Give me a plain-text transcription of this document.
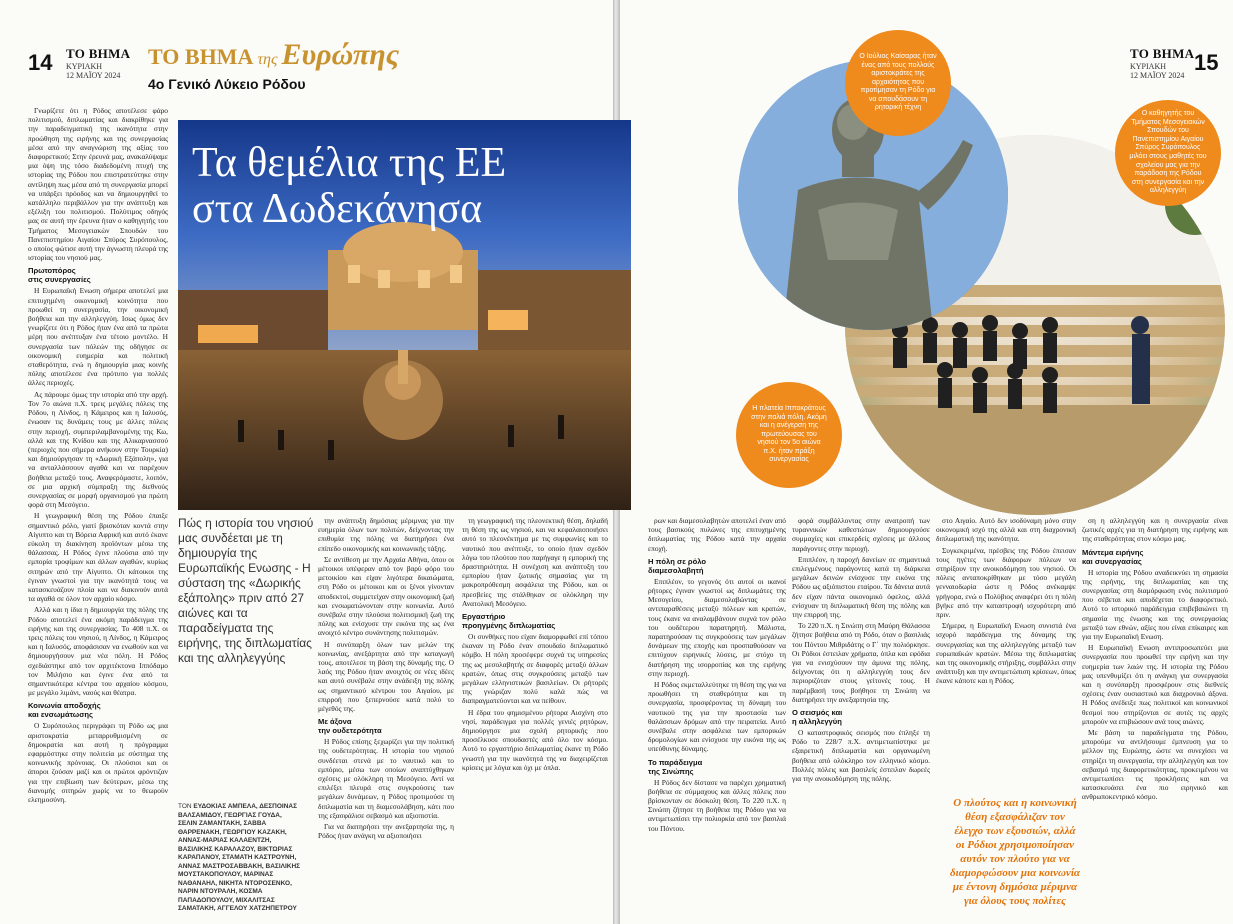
14 ΤΟ ΒΗΜΑ
ΚΥΡΙΑΚΗ
12 ΜΑΪΟΥ 2024
ΤΟ ΒΗΜΑ της Ευρώπης
4ο Γενικό Λύκειο Ρόδου

Γνωρίζετε ότι η Ρόδος αποτέλεσε φάρο πολιτισμού, διπλωματίας και διακρίθηκε για την παραδειγματική της ικανότητα στην προώθηση της ειρήνης και της συνεργασίας μέσα από την αναγνώριση της αξίας του διαφορετικού; Στην έρευνά μας, ανακαλύψαμε μια όψη της τόσο διαδεδομένη πτυχή της ιστορίας της Ρόδου που επιστρατεύτηκε στην αντίληψη πως μέσα από τη συνεργασία μπορεί να υπάρξει πρόοδος και να δημιουργηθεί το κατάλληλο περιβάλλον για την ανάπτυξη και εξέλιξη του πολιτισμού. Πολύτιμος οδηγός μας σε αυτή την έρευνα ήταν ο καθηγητής του Τμήματος Μεσογειακών Σπουδών του Πανεπιστημίου Αιγαίου Σπύρος Συρόπουλος, ο οποίος φώτισε αυτή την άγνωστη πλευρά της ιστορίας του νησιού μας.

Πρωτοπόρος
στις συνεργασίες

Η Ευρωπαϊκή Ενωση σήμερα αποτελεί μια επιτυχημένη οικονομική κοινότητα που προωθεί τη συνεργασία, την οικονομική βοήθεια και την αλληλεγγύη. Ισως όμως δεν γνωρίζετε ότι η Ρόδος ήταν ένα από τα πρώτα μέρη που ανέπτυξαν ένα τέτοιο μοντέλο. Η συνεργασία των πόλεών της οδήγησε σε οικονομική ευημερία και πολιτική σταθερότητα, ενώ η δημιουργία μιας κοινής πόλης αποτέλεσε ένα πρότυπο για πολλές άλλες περιοχές.

Ας πάρουμε όμως την ιστορία από την αρχή. Τον 7ο αιώνα π.Χ. τρεις μεγάλες πόλεις της Ρόδου, η Λίνδος, η Κάμειρος και η Ιαλυσός, ένωσαν τις δυνάμεις τους με άλλες πόλεις στην περιοχή, συμπεριλαμβανομένης της Κω, αλλά και της Κνίδου και της Αλικαρνασσού (περιοχές που σήμερα ανήκουν στην Τουρκία) και δημιούργησαν τη «Δωρική Εξάπολη», για να ανταλλάσσουν αγαθά και να παρέχουν βοήθεια μεταξύ τους. Αναφερόμαστε, λοιπόν, σε μια αρχική σύμπραξη της διεθνούς συνεργασίας σε μορφή οργανισμού για πρώτη φορά στη Μεσόγειο.

Η γεωγραφική θέση της Ρόδου έπαιξε σημαντικό ρόλο, γιατί βρισκόταν κοντά στην Αίγυπτο και τη Βόρεια Αφρική και αυτό έκανε εύκολη τη διακίνηση προϊόντων μέσω της θάλασσας. Η Ρόδος έγινε πλούσια από την εμπορία τροφίμων και άλλων αγαθών, κυρίως σιτηρών από την Αίγυπτο. Οι κάτοικοι της έγιναν γνωστοί για την ικανότητά τους να κατασκευάζουν πλοία και να διακινούν αυτά τα αγαθά σε όλον τον αρχαίο κόσμο.

Αλλά και η ίδια η δημιουργία της πόλης της Ρόδου αποτελεί ένα ακόμη παράδειγμα της ειρήνης και της συνεργασίας. Το 408 π.Χ. οι τρεις πόλεις του νησιού, η Λίνδος, η Κάμειρος και η Ιαλυσός, αποφάσισαν να ενωθούν και να δημιουργήσουν μια νέα πόλη. Η Ρόδος σχεδιάστηκε από τον αρχιτέκτονα Ιππόδαμο τον Μιλήσιο και έγινε ένα από τα σημαντικότερα κέντρα του αρχαίου κόσμου, με μεγάλο λιμάνι, ναούς και θέατρα.

Κοινωνία αποδοχής
και ενσωμάτωσης

Ο Συρόπουλος περιγράφει τη Ρόδο ως μια αριστοκρατία μεταρρυθμισμένη σε δημοκρατία και αυτή η πρόγραμμα εφαρμόστηκε στην πολιτεία με σύστημα της κοινωνικής πρόνοιας. Οι πλούσιοι και οι άποροι ζούσαν μαζί και οι πρώτοι φρόντιζαν για την επιβίωση των δεύτερων, μέσω της διανομής σιτηρών χωρίς να το θεωρούν ελεημοσύνη.

την ανάπτυξη δημόσιας μέριμνας για την ευημερία όλων των πολιτών, δείχνοντας την επιθυμία της πόλης να διατηρήσει ένα επίπεδο οικονομικής και κοινωνικής τάξης.

Σε αντίθεση με την Αρχαία Αθήνα, όπου οι μέτοικοι υπέφεραν από τον βαρύ φόρο του μετοικίου και είχαν λιγότερα δικαιώματα, στη Ρόδο οι μέτοικοι και οι ξένοι γίνονταν αποδεκτοί, συμμετείχαν στην οικονομική ζωή και ενσωματώνονταν στην κοινωνία. Αυτό συνέβαλε στην πλούσια πολιτισμική ζωή της πόλης και ενίσχυσε την εικόνα της ως ένα ανοιχτό κέντρο συνάντησης πολιτισμών.

Η συνύπαρξη όλων των μελών της κοινωνίας, ανεξάρτητα από την καταγωγή τους, αποτέλεσε τη βάση της δύναμής της. Ο λαός της Ρόδου ήταν ανοιχτός σε νέες ιδέες και αυτό συνέβαλε στην ανάδειξη της πόλης ως σημαντικού κέντρου του Αιγαίου, με επιρροή που ξεπερνούσε κατά πολύ το μέγεθός της.

Με άξονα
την ουδετερότητα

Η Ρόδος επίσης ξεχωρίζει για την πολιτική της ουδετερότητας. Η ιστορία του νησιού συνδέεται στενά με το ναυτικό και το εμπόριο, μέσω των οποίων αναπτύχθηκαν σχέσεις με ολόκληρη τη Μεσόγειο. Αντί να επιλέξει πλευρά στις συγκρούσεις των μεγάλων δυνάμεων, η Ρόδος προτιμούσε τη διπλωματία και τη διαμεσολάβηση, κάτι που της εξασφάλισε σεβασμό και αξιοπιστία.

Για να διατηρήσει την ανεξαρτησία της, η Ρόδος ήταν ανάγκη να αξιοποιήσει

τη γεωγραφική της πλεονεκτική θέση, δηλαδή τη θέση της ως νησιού, και να κεφαλαιοποιήσει αυτό το πλεονέκτημα με τις συμφωνίες και το ναυτικό που ανέπτυξε, το οποίο ήταν σχεδόν λόγω του πλούτου που παρήγαγε η εμπορική της δραστηριότητα. Η συνέχιση και ανάπτυξη του εμπορίου ήταν ζωτικής σημασίας για τη μακροπρόθεσμη ασφάλεια της Ρόδου, και οι πρεσβείες της στάλθηκαν σε ολόκληρη την Ανατολική Μεσόγειο.

Εργαστήριο
προηγμένης διπλωματίας

Οι συνθήκες που είχαν διαμορφωθεί επί τόπου έκαναν τη Ρόδο έναν σπουδαίο διπλωματικό κόμβο. Η πόλη προσέφερε συχνά τις υπηρεσίες της ως μεσολαβητής σε διαφορές μεταξύ άλλων κρατών, όπως στις συγκρούσεις μεταξύ των μεγάλων ελληνιστικών βασιλείων. Οι ρήτορές της γνώριζαν πολύ καλά πώς να διαπραγματεύονται και να πείθουν.

Η έδρα του φημισμένου ρήτορα Αισχίνη στο νησί, παράδειγμα για πολλές γενιές ρητόρων, δημιούργησε μια σχολή ρητορικής που προσέλκυσε σπουδαστές από όλο τον κόσμο. Αυτό το εργαστήριο διπλωματίας έκανε τη Ρόδο γνωστή για την ικανότητά της να διαχειρίζεται κρίσεις με λόγια και όχι με όπλα.

Πώς η ιστορία του νησιού μας συνδέεται με τη δημιουργία της Ευρωπαϊκής Ενωσης - Η σύσταση της «Δωρικής εξάπολης» πριν από 27 αιώνες και τα παραδείγματα της ειρήνης, της διπλωματίας και της αλληλεγγύης
ΤΟΝ ΕΥΔΟΚΙΑΣ ΑΜΠΕΛΑ, ΔΕΣΠΟΙΝΑΣ ΒΑΛΣΑΜΙΔΟΥ, ΓΕΩΡΓΙΑΣ ΓΟΥΔΑ, ΣΕΛΙΝ ΖΑΜΑΝΤΑΚΗ, ΣΑΒΒΑ ΘΑΡΡΕΝΑΚΗ, ΓΕΩΡΓΙΟΥ ΚΑΖΑΚΗ, ΑΝΝΑΣ-ΜΑΡΙΑΣ ΚΑΛΑΕΝΤΖΗ, ΒΑΣΙΛΙΚΗΣ ΚΑΡΑΛΑΖΟΥ, ΒΙΚΤΩΡΙΑΣ ΚΑΡΑΠΑΝΟΥ, ΣΤΑΜΑΤΗ ΚΑΣΤΡΟΥΝΗ, ΑΝΝΑΣ ΜΑΣΤΡΟΣΑΒΒΑΚΗ, ΒΑΣΙΛΙΚΗΣ ΜΟΥΣΤΑΚΟΠΟΥΛΟΥ, ΜΑΡΙΝΑΣ ΝΑΘΑΝΑΗΛ, ΝΙΚΗΤΑ ΝΤΟΡΟΣΕΝΚΟ, ΝΑΡΙΝ ΝΤΟΥΡΑΛΗ, ΚΟΣΜΑ ΠΑΠΑΔΟΠΟΥΛΟΥ, ΜΙΧΑΛΙΤΣΑΣ ΣΑΜΑΤΑΚΗ, ΑΓΓΕΛΟΥ ΧΑΤΖΗΠΕΤΡΟΥ
ΤΟ ΒΗΜΑ
ΚΥΡΙΑΚΗ
12 ΜΑΪΟΥ 2024
15

ρων και διαμεσολαβητών αποτελεί έναν από τους βασικούς πυλώνες της επιτυχημένης διπλωματίας της Ρόδου κατά την αρχαία εποχή.

Η πόλη σε ρόλο
διαμεσολαβητή

Επιπλέον, το γεγονός ότι αυτοί οι ικανοί ρήτορες έγιναν γνωστοί ως διπλωμάτες της Μεσογείου, διαμεσολαβώντας σε αντιπαραθέσεις μεταξύ πόλεων και κρατών, τους έκανε να αναλαμβάνουν συχνά τον ρόλο του ουδέτερου παρατηρητή. Μάλιστα, παρατηρούσαν τις συγκρούσεις των μεγάλων δυνάμεων της εποχής και προσπαθούσαν να επιτύχουν ειρηνικές λύσεις, με στόχο τη διατήρηση της ισορροπίας και της ειρήνης στην περιοχή.

Η Ρόδος εκμεταλλεύτηκε τη θέση της για να προωθήσει τη σταθερότητα και τη συνεργασία, προσφέροντας τη δύναμη του ναυτικού της για την προστασία των θαλάσσιων δρόμων από την πειρατεία. Αυτό συνέβαλε στην ασφάλεια των εμπορικών δρομολογίων και ενίσχυσε την εικόνα της ως υπεύθυνης δύναμης.

Το παράδειγμα
της Σινώπης

Η Ρόδος δεν δίστασε να παρέχει χρηματική βοήθεια σε σύμμαχους και άλλες πόλεις που βρίσκονταν σε δύσκολη θέση. Το 220 π.Χ. η Σινώπη ζήτησε τη βοήθεια της Ρόδου για να αντιμετωπίσει την πολιορκία από τον βασιλιά του Πόντου.

φορά συμβάλλοντας στην ανατροπή των τυραννικών καθεστώτων δημιουργούσε συμμαχίες και επικερδείς σχέσεις με άλλους παράγοντες στην περιοχή.

Επιπλέον, η παροχή δανείων σε σημαντικά επιλεγμένους παράγοντες κατά τη διάρκεια μεγάλων δεινών ενίσχυσε την εικόνα της Ρόδου ως αξιόπιστου εταίρου. Τα δάνεια αυτά δεν είχαν πάντα οικονομικό όφελος, αλλά ενίσχυαν τη διπλωματική θέση της πόλης και την επιρροή της.

Το 220 π.Χ. η Σινώπη στη Μαύρη Θάλασσα ζήτησε βοήθεια από τη Ρόδο, όταν ο βασιλιάς του Πόντου Μιθριδάτης ο Γ΄ την πολιόρκησε. Οι Ρόδιοι έστειλαν χρήματα, όπλα και εφόδια για να ενισχύσουν την άμυνα της πόλης, δείχνοντας ότι η αλληλεγγύη τους δεν περιοριζόταν στους γείτονές τους. Η παρέμβασή τους βοήθησε τη Σινώπη να διατηρήσει την ανεξαρτησία της.

Ο σεισμός και
η αλληλεγγύη

Ο καταστροφικός σεισμός που έπληξε τη Ρόδο το 228/7 π.Χ. αντιμετωπίστηκε με εξαιρετική διπλωματία και οργανωμένη βοήθεια από ολόκληρο τον ελληνικό κόσμο. Πολλές πόλεις και βασιλείς έστειλαν δωρεές για την ανοικοδόμηση της πόλης.

στο Αιγαίο. Αυτό δεν ισοδύναμη μόνο στην οικονομική ισχύ της αλλά και στη διαχρονική διπλωματική της ικανότητα.

Συγκεκριμένα, πρέσβεις της Ρόδου έπεισαν τους ηγέτες των διάφορων πόλεων να στηρίξουν την ανοικοδόμηση του νησιού. Οι πόλεις ανταποκρίθηκαν με τόσο μεγάλη γενναιοδωρία ώστε η Ρόδος ανέκαμψε γρήγορα, ενώ ο Πολύβιος αναφέρει ότι η πόλη βγήκε από την καταστροφή ισχυρότερη από πριν.

Σήμερα, η Ευρωπαϊκή Ενωση συνιστά ένα ισχυρό παράδειγμα της δύναμης της συνεργασίας και της αλληλεγγύης μεταξύ των ευρωπαϊκών κρατών. Μέσω της διπλωματίας και της οικονομικής στήριξης, συμβάλλει στην ανάπτυξη και την αντιμετώπιση κρίσεων, όπως έκανε κάποτε και η Ρόδος.

ση η αλληλεγγύη και η συνεργασία είναι ζωτικές αρχές για τη διατήρηση της ειρήνης και της σταθερότητας στον κόσμο μας.

Μάντεμα ειρήνης
και συνεργασίας

Η ιστορία της Ρόδου αναδεικνύει τη σημασία της ειρήνης, της διπλωματίας και της συνεργασίας στη διαμόρφωση ενός πολιτισμού που σέβεται και αποδέχεται το διαφορετικό. Αυτό το ιστορικό παράδειγμα επιβεβαιώνει τη σημασία της ένωσης και της συνεργασίας μεταξύ των εθνών, αξίες που είναι επίκαιρες και για την Ευρωπαϊκή Ενωση.

Η Ευρωπαϊκή Ενωση αντιπροσωπεύει μια συνεργασία που προωθεί την ειρήνη και την ευημερία των λαών της. Η ιστορία της Ρόδου μας υπενθυμίζει ότι η ανάγκη για συνεργασία και η συνύπαρξη προσφέρουν στις διεθνείς σχέσεις έναν ουσιαστικό και διαχρονικό άξονα. Η Ρόδος ανέδειξε πως πολιτικοί και κοινωνικοί θεσμοί που στηρίζονται σε αυτές τις αρχές μπορούν να επιβιώσουν ανά τους αιώνες.

Με βάση τα παραδείγματα της Ρόδου, μπορούμε να αντλήσουμε έμπνευση για το μέλλον της Ευρώπης, ώστε να συνεχίσει να στηρίζει τη συνεργασία, την αλληλεγγύη και τον σεβασμό της διαφορετικότητας, προκειμένου να αντιμετωπίσει τις προκλήσεις και να κατασκευάσει ένα πιο ειρηνικό και ανθρωποκεντρικό κόσμο.

Τα θεμέλια της ΕΕ
στα Δωδεκάνησα
Ο Ιούλιος Καίσαρας ήταν ένας από τους πολλούς αριστοκράτες της αρχαιότητας που προτίμησαν τη Ρόδο για να σπουδάσουν τη ρητορική τέχνη
Ο καθηγητής του Τμήματος Μεσογειακών Σπουδών του Πανεπιστημίου Αιγαίου Σπύρος Συρόπουλος μιλάει στους μαθητές του σχολείου μας για την παράδοση της Ρόδου στη συνεργασία και την αλληλεγγύη
Η πλατεία Ιπποκράτους στην παλιά πόλη. Ακόμη και η ανέγερση της πρωτεύουσας του νησιού τον 5ο αιώνα π.Χ. ήταν πράξη συνεργασίας
Ο πλούτος και η κοινωνική θέση εξασφάλιζαν τον έλεγχο των εξουσιών, αλλά οι Ρόδιοι χρησιμοποίησαν αυτόν τον πλούτο για να διαμορφώσουν μια κοινωνία με έντονη δημόσια μέριμνα για όλους τους πολίτες
